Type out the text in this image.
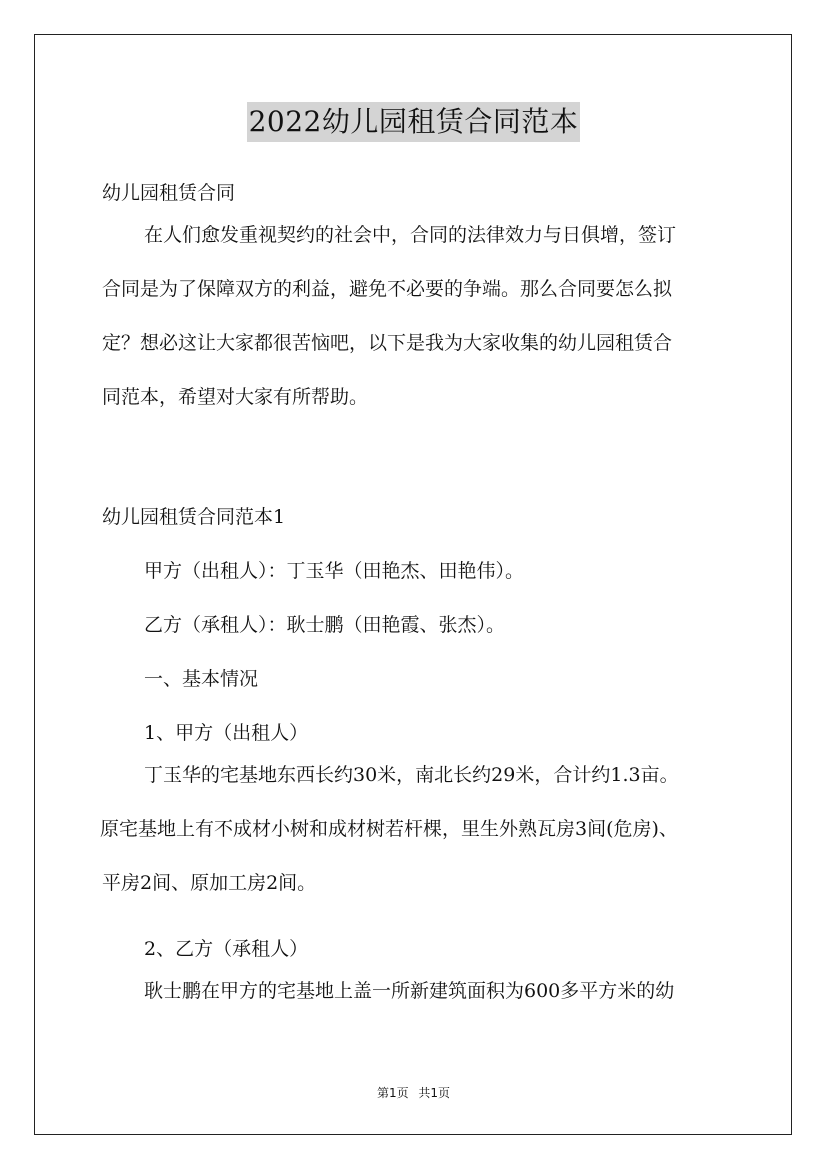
2022幼儿园租赁合同范本

幼儿园租赁合同

在人们愈发重视契约的社会中，合同的法律效力与日俱增，签订
合同是为了保障双方的利益，避免不必要的争端。那么合同要怎么拟
定？想必这让大家都很苦恼吧，以下是我为大家收集的幼儿园租赁合
同范本，希望对大家有所帮助。

幼儿园租赁合同范本1

甲方（出租人）：丁玉华（田艳杰、田艳伟）。

乙方（承租人）：耿士鹏（田艳霞、张杰）。

一、基本情况

1、甲方（出租人）

丁玉华的宅基地东西长约30米，南北长约29米，合计约1.3亩。
原宅基地上有不成材小树和成材树若杆棵，里生外熟瓦房3间(危房)、
平房2间、原加工房2间。

2、乙方（承租人）

耿士鹏在甲方的宅基地上盖一所新建筑面积为600多平方米的幼
第1页 共1页
